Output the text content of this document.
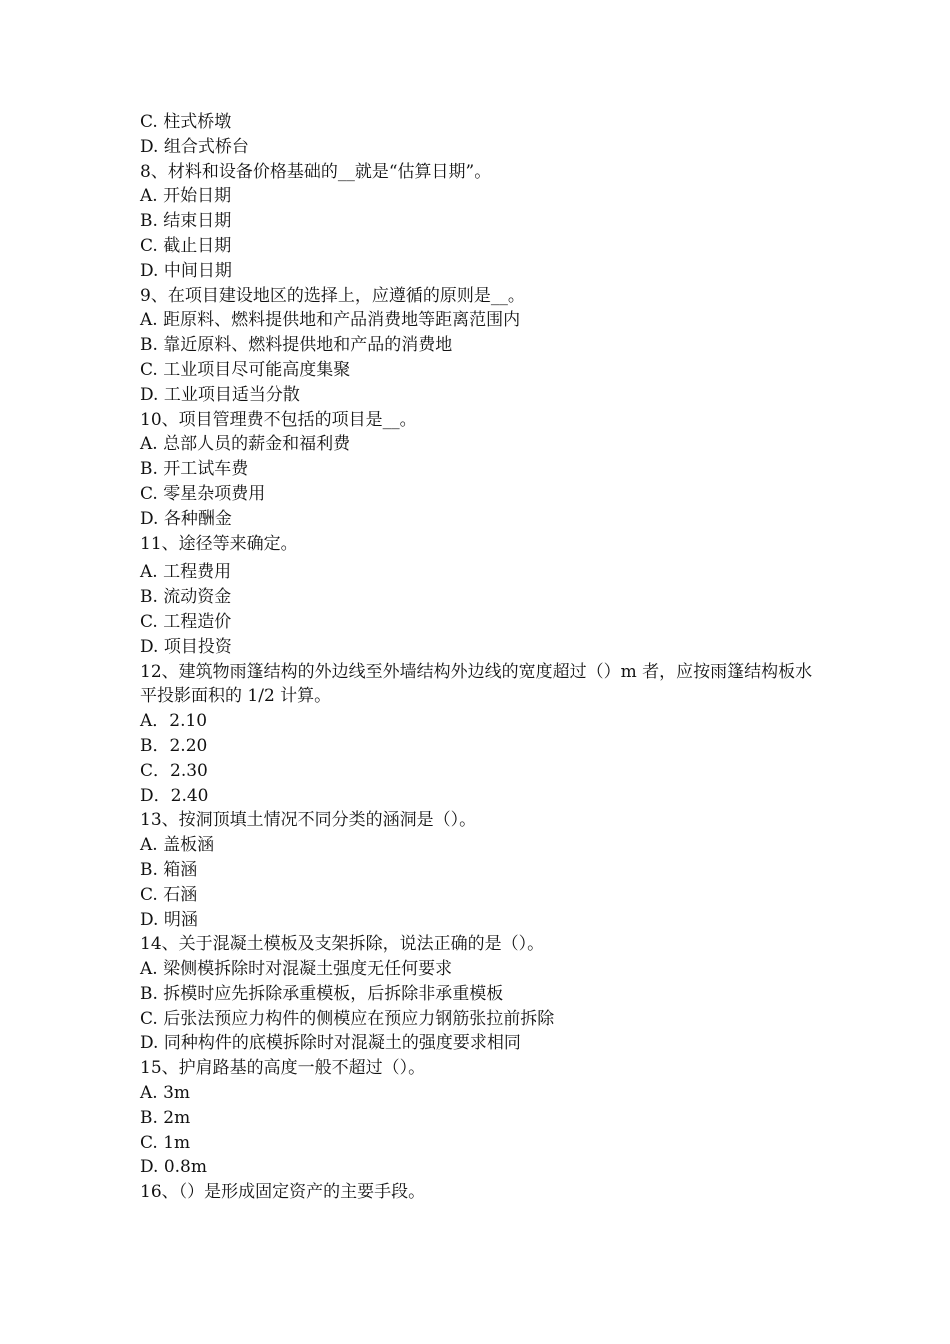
C. 柱式桥墩
D. 组合式桥台
8、材料和设备价格基础的__就是“估算日期”。
A. 开始日期
B. 结束日期
C. 截止日期
D. 中间日期
9、在项目建设地区的选择上，应遵循的原则是__。
A. 距原料、燃料提供地和产品消费地等距离范围内
B. 靠近原料、燃料提供地和产品的消费地
C. 工业项目尽可能高度集聚
D. 工业项目适当分散
10、项目管理费不包括的项目是__。
A. 总部人员的薪金和福利费
B. 开工试车费
C. 零星杂项费用
D. 各种酬金
11、途径等来确定。
A. 工程费用
B. 流动资金
C. 工程造价
D. 项目投资
12、建筑物雨篷结构的外边线至外墙结构外边线的宽度超过（）m 者，应按雨篷结构板水平投影面积的 1/2 计算。
A．2.10
B．2.20
C．2.30
D．2.40
13、按洞顶填土情况不同分类的涵洞是（）。
A. 盖板涵
B. 箱涵
C. 石涵
D. 明涵
14、关于混凝土模板及支架拆除，说法正确的是（）。
A. 梁侧模拆除时对混凝土强度无任何要求
B. 拆模时应先拆除承重模板，后拆除非承重模板
C. 后张法预应力构件的侧模应在预应力钢筋张拉前拆除
D. 同种构件的底模拆除时对混凝土的强度要求相同
15、护肩路基的高度一般不超过（）。
A. 3m
B. 2m
C. 1m
D. 0.8m
16、（）是形成固定资产的主要手段。
